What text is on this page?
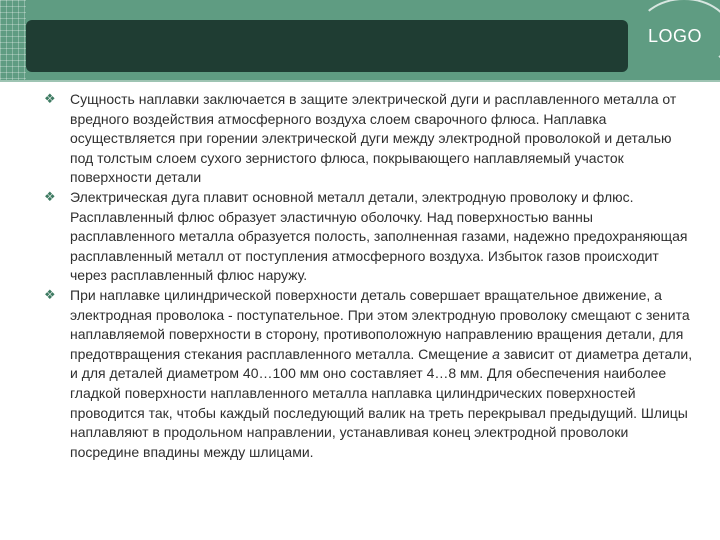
LOGO
❖ Сущность наплавки заключается в защите электрической дуги и расплавленного металла от вредного воздействия атмосферного воздуха слоем сварочного флюса. Наплавка осуществляется при горении электрической дуги между электродной проволокой и деталью под толстым слоем сухого зернистого флюса, покрывающего наплавляемый участок поверхности детали
❖ Электрическая дуга плавит основной металл детали, электродную проволоку и флюс. Расплавленный флюс образует эластичную оболочку. Над поверхностью ванны расплавленного металла образуется полость, заполненная газами, надежно предохраняющая расплавленный металл от поступления атмосферного воздуха. Избыток газов происходит через расплавленный флюс наружу.
❖ При наплавке цилиндрической поверхности деталь совершает вращательное движение, а электродная проволока - поступательное. При этом электродную проволоку смещают с зенита наплавляемой поверхности в сторону, противоположную направлению вращения детали, для предотвращения стекания расплавленного металла. Смещение а зависит от диаметра детали, и для деталей диаметром 40…100 мм оно составляет 4…8 мм. Для обеспечения наиболее гладкой поверхности наплавленного металла наплавка цилиндрических поверхностей проводится так, чтобы каждый последующий валик на треть перекрывал предыдущий. Шлицы наплавляют в продольном направлении, устанавливая конец электродной проволоки посредине впадины между шлицами.
